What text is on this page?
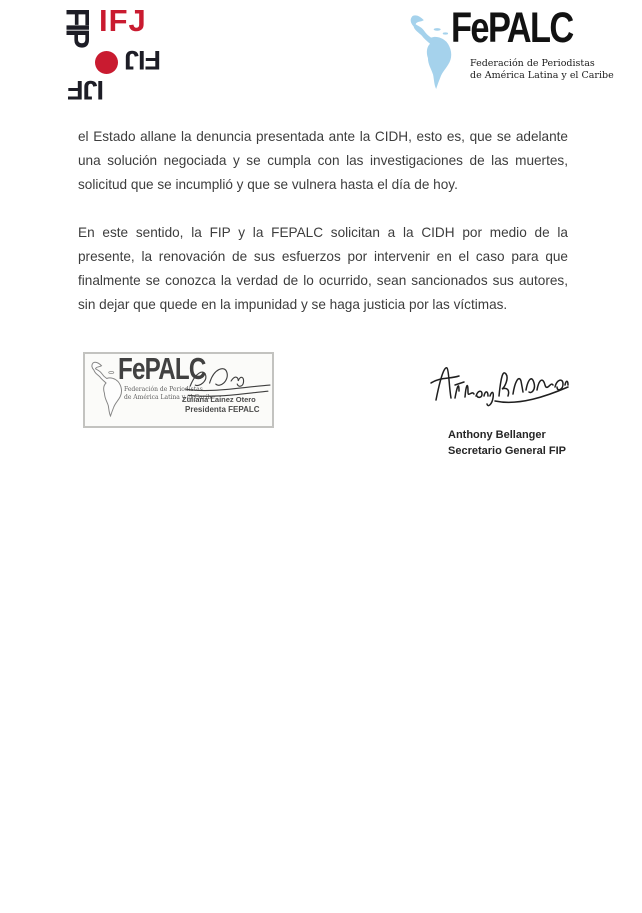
FIP IFJ
FIJ
IJF
FePALC
Federación de Periodistas
de América Latina y el Caribe

el Estado allane la denuncia presentada ante la CIDH, esto es, que se adelante una solución negociada y se cumpla con las investigaciones de las muertes, solicitud que se incumplió y que se vulnera hasta el día de hoy.

En este sentido, la FIP y la FEPALC solicitan a la CIDH por medio de la presente, la renovación de sus esfuerzos por intervenir en el caso para que finalmente se conozca la verdad de lo ocurrido, sean sancionados sus autores, sin dejar que quede en la impunidad y se haga justicia por las víctimas.

FePALC
Federación de Periodistas
de América Latina y el Caribe
Zuliana Lainez Otero
Presidenta FEPALC
Anthony Bellanger
Secretario General FIP
